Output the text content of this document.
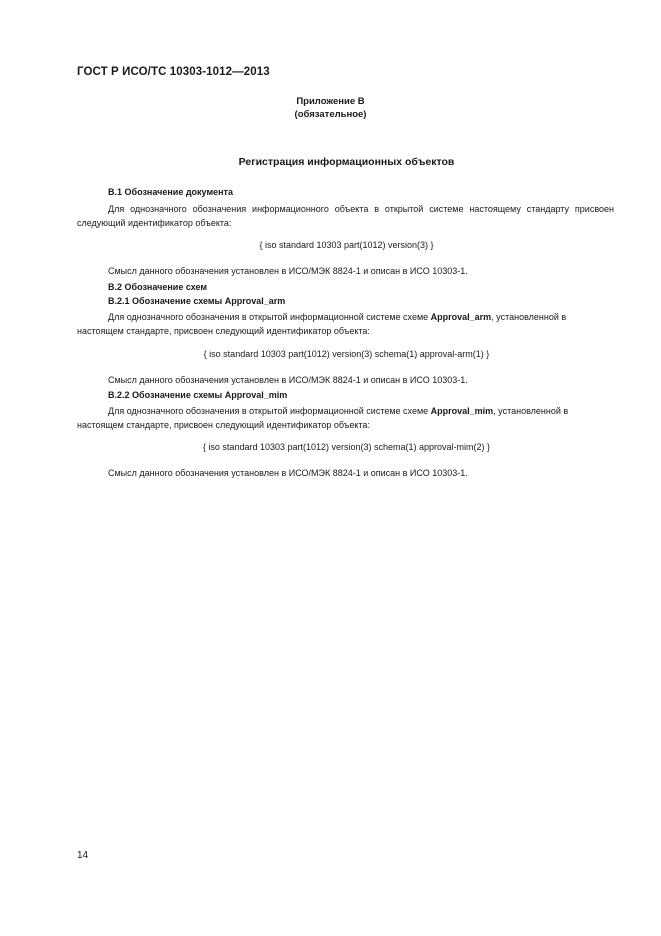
ГОСТ Р ИСО/ТС 10303-1012—2013
Приложение В
(обязательное)
Регистрация информационных объектов
В.1 Обозначение документа
Для однозначного обозначения информационного объекта в открытой системе настоящему стандарту присвоен следующий идентификатор объекта:
{ iso standard 10303 part(1012) version(3) }
Смысл данного обозначения установлен в ИСО/МЭК 8824-1 и описан в ИСО 10303-1.
В.2 Обозначение схем
В.2.1 Обозначение схемы Approval_arm
Для однозначного обозначения в открытой информационной системе схеме Approval_arm, установленной в настоящем стандарте, присвоен следующий идентификатор объекта:
{ iso standard 10303 part(1012) version(3) schema(1) approval-arm(1) }
Смысл данного обозначения установлен в ИСО/МЭК 8824-1 и описан в ИСО 10303-1.
В.2.2 Обозначение схемы Approval_mim
Для однозначного обозначения в открытой информационной системе схеме Approval_mim, установленной в настоящем стандарте, присвоен следующий идентификатор объекта:
{ iso standard 10303 part(1012) version(3) schema(1) approval-mim(2) }
Смысл данного обозначения установлен в ИСО/МЭК 8824-1 и описан в ИСО 10303-1.
14
